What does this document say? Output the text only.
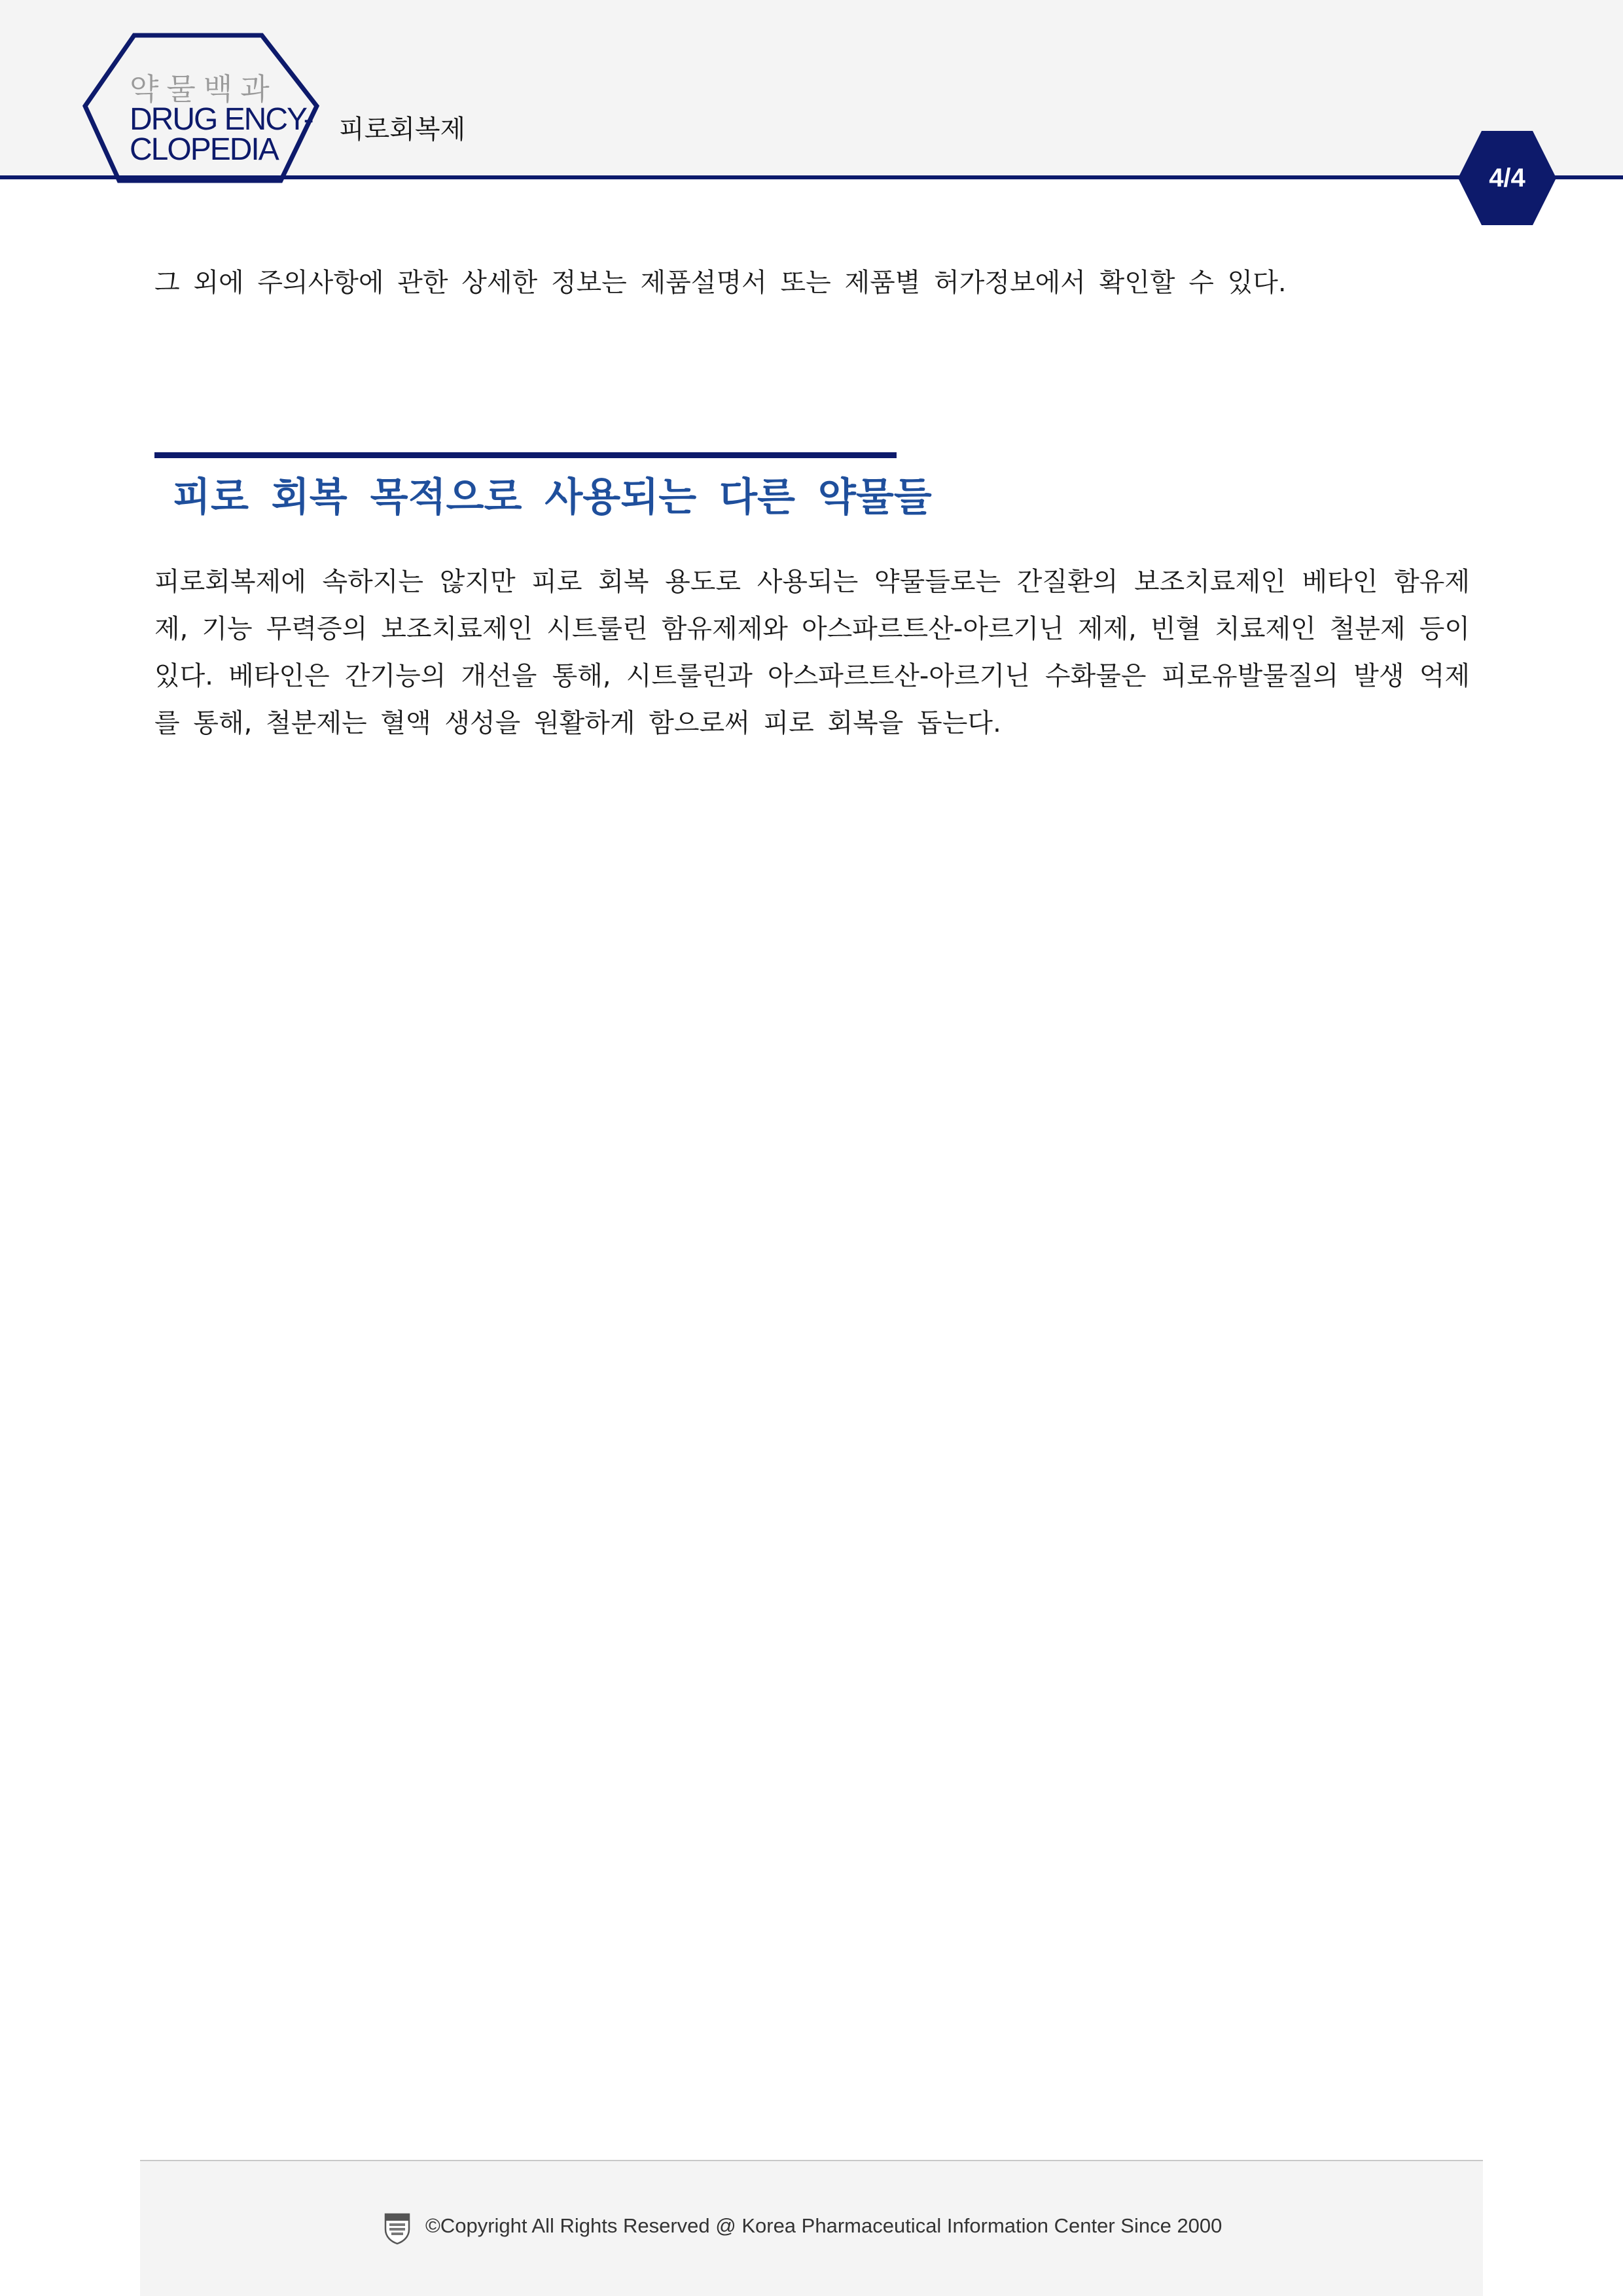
약물백과
DRUG ENCY-
CLOPEDIA
피로회복제
4/4
그 외에 주의사항에 관한 상세한 정보는 제품설명서 또는 제품별 허가정보에서 확인할 수 있다.
피로 회복 목적으로 사용되는 다른 약물들
피로회복제에 속하지는 않지만 피로 회복 용도로 사용되는 약물들로는 간질환의 보조치료제인 베타인 함유제제, 기능 무력증의 보조치료제인 시트룰린 함유제제와 아스파르트산-아르기닌 제제, 빈혈 치료제인 철분제 등이 있다. 베타인은 간기능의 개선을 통해, 시트룰린과 아스파르트산-아르기닌 수화물은 피로유발물질의 발생 억제를 통해, 철분제는 혈액 생성을 원활하게 함으로써 피로 회복을 돕는다.
©Copyright All Rights Reserved @ Korea Pharmaceutical Information Center Since 2000
